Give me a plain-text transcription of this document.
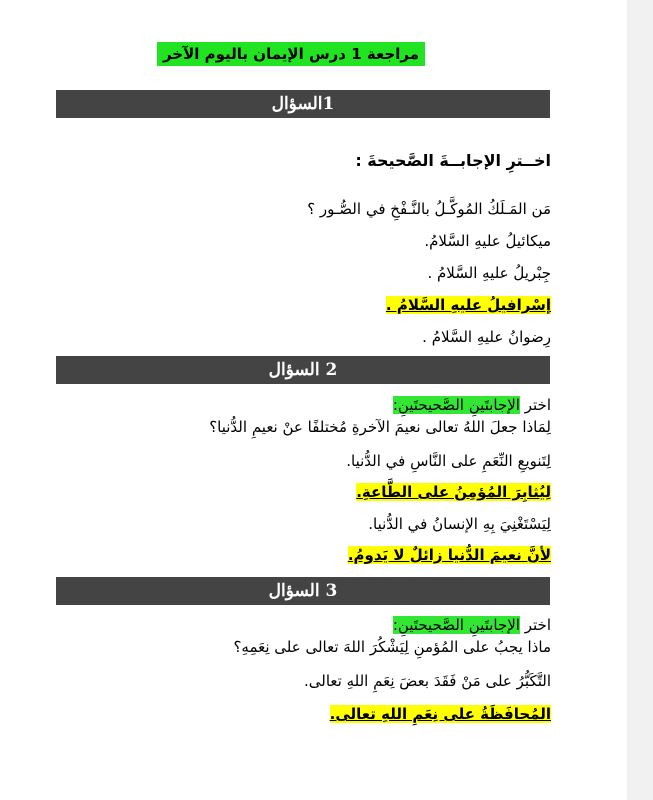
مراجعة 1 درس الإيمان باليوم الآخر
1السؤال
اخــترِ الإجابــةَ الصَّحيحةَ :
مَن المَـلَكُ المُوكَّـلُ بالنَّـفْخِ في الصُّـور ؟
ميكائيلُ عليهِ السَّلامُ.
جِبْريلُ عليهِ السَّلامُ .
إسْرافيلُ عليهِ السَّلامُ .
رِضوانُ عليهِ السَّلامُ .
2 السؤال
اختر الإجابتَينِ الصَّحيحتَينِ:
لِمَاذا جعلَ اللهُ تعالى نعيمَ الآخرةِ مُختلفًا عنْ نعيمِ الدُّنيا؟
لِتَنويعِ النِّعَمِ على النَّاسِ في الدُّنيا.
لِيُثابِرَ المُؤمِنُ على الطَّاعةِ.
لِيَسْتَغْنِيَ بِهِ الإنسانُ في الدُّنيا.
لأنَّ نعيمَ الدُّنيا زائلٌ لا يَدومُ.
3 السؤال
اختر الإجابتَينِ الصَّحيحتَينِ:
ماذا يجبُ على المُؤمنِ لِيَشْكُرَ اللهَ تعالى على نِعَمِهِ؟
التَّكَبُّرُ على مَنْ فَقَدَ بعضَ نِعَمِ اللهِ تعالى.
المُحافَظَةُ على نِعَمِ اللهِ تعالى.
